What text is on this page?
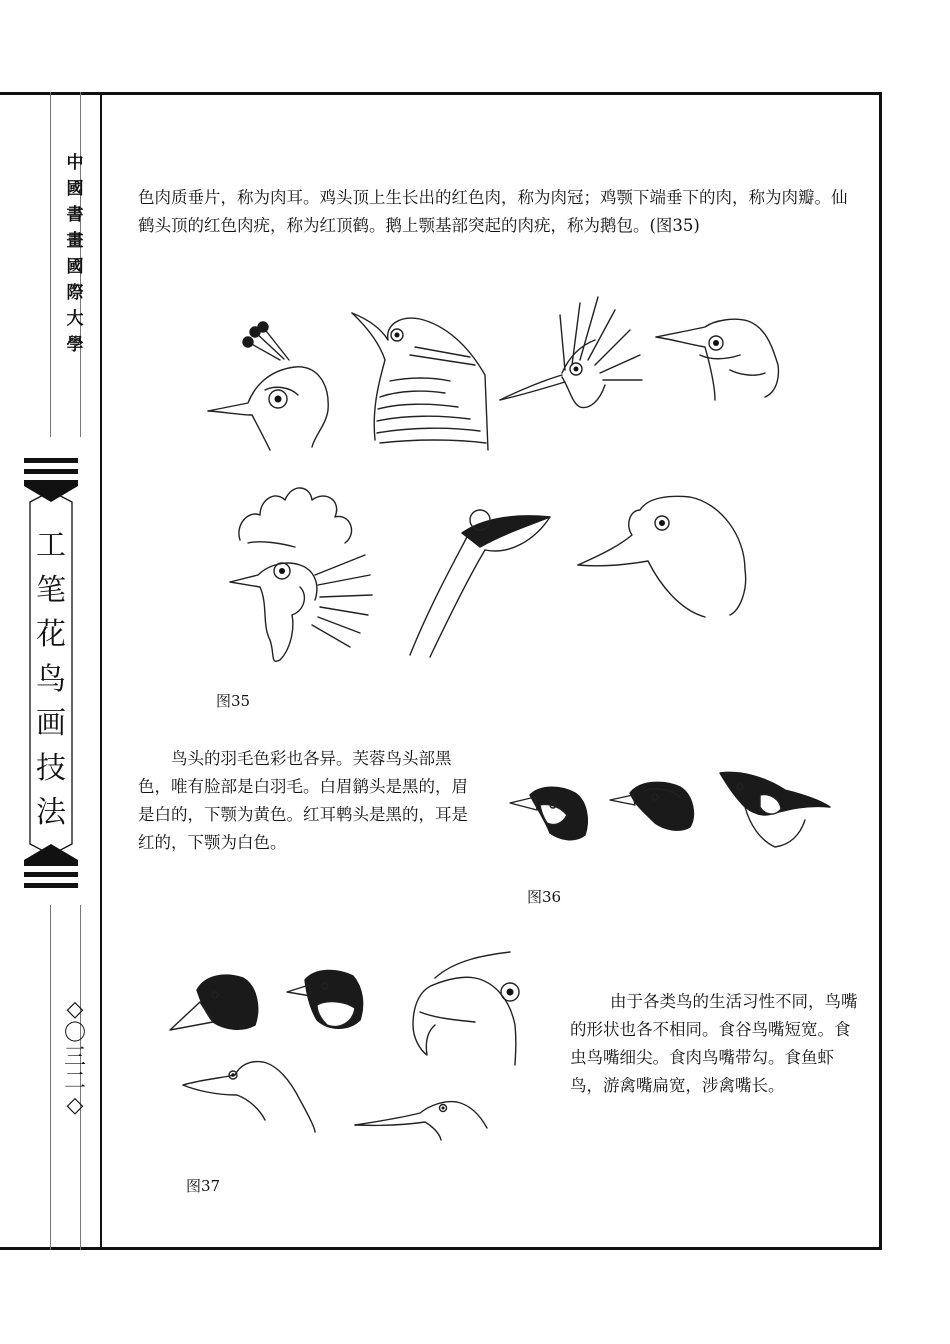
中
國
書
畫
國
際
大
學
工
笔
花
鸟
画
技
法
◇
〇
三
二
◇

色肉质垂片，称为肉耳。鸡头顶上生长出的红色肉，称为肉冠；鸡颚下端垂下的肉，称为肉瓣。仙鹤头顶的红色肉疣，称为红顶鹤。鹅上颚基部突起的肉疣，称为鹅包。(图35)

图35

鸟头的羽毛色彩也各异。芙蓉鸟头部黑色，唯有脸部是白羽毛。白眉鹟头是黑的，眉是白的，下颚为黄色。红耳鹎头是黑的，耳是红的，下颚为白色。

图36
图37

由于各类鸟的生活习性不同，鸟嘴的形状也各不相同。食谷鸟嘴短宽。食虫鸟嘴细尖。食肉鸟嘴带勾。食鱼虾鸟，游禽嘴扁宽，涉禽嘴长。
